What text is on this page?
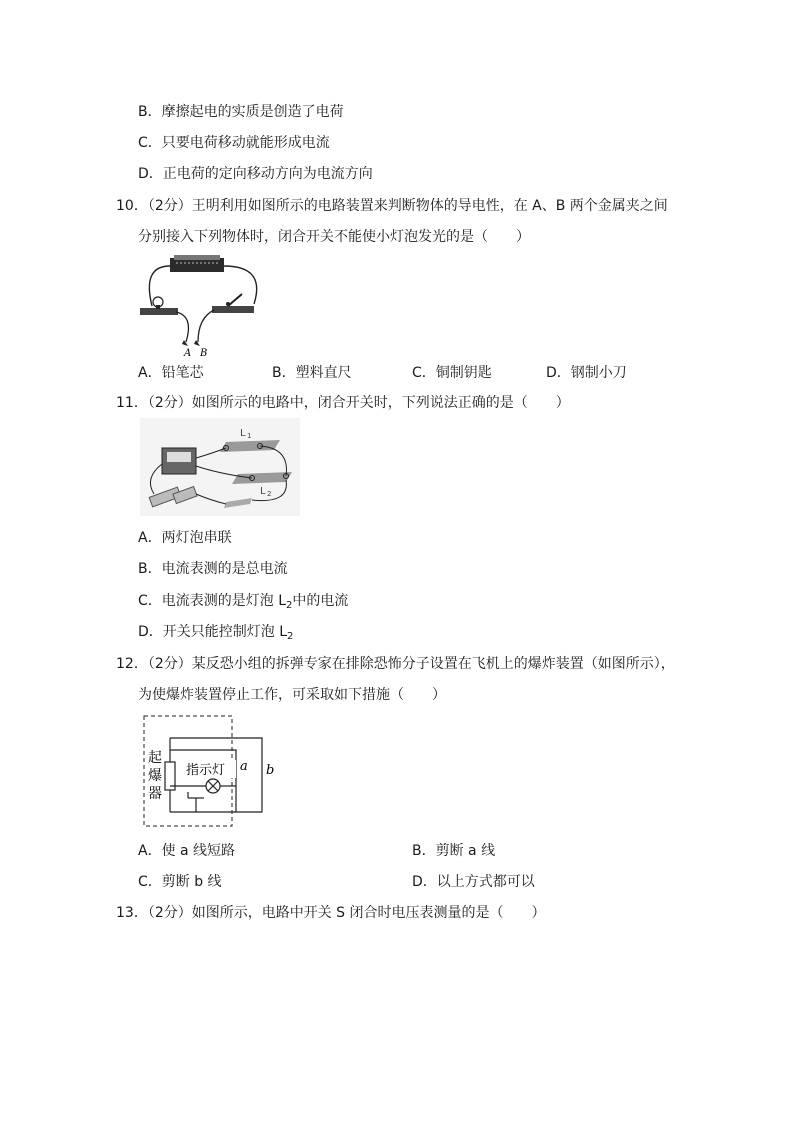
B．摩擦起电的实质是创造了电荷
C．只要电荷移动就能形成电流
D．正电荷的定向移动方向为电流方向
10．（2分）王明利用如图所示的电路装置来判断物体的导电性，在 A、B 两个金属夹之间
分别接入下列物体时，闭合开关不能使小灯泡发光的是（　　）
A B
A．铅笔芯	B．塑料直尺	C．铜制钥匙	D．钢制小刀
11．（2分）如图所示的电路中，闭合开关时，下列说法正确的是（　　）
L 1
L 2
A．两灯泡串联
B．电流表测的是总电流
C．电流表测的是灯泡 $L_2$中的电流
D．开关只能控制灯泡 $L_2$
12．（2分）某反恐小组的拆弹专家在排除恐怖分子设置在飞机上的爆炸装置（如图所示），
为使爆炸装置停止工作，可采取如下措施（　　）
起
爆
器
指示灯 a b
A．使 a 线短路	B．剪断 a 线
C．剪断 b 线	D．以上方式都可以
13．（2分）如图所示，电路中开关 S 闭合时电压表测量的是（　　）
